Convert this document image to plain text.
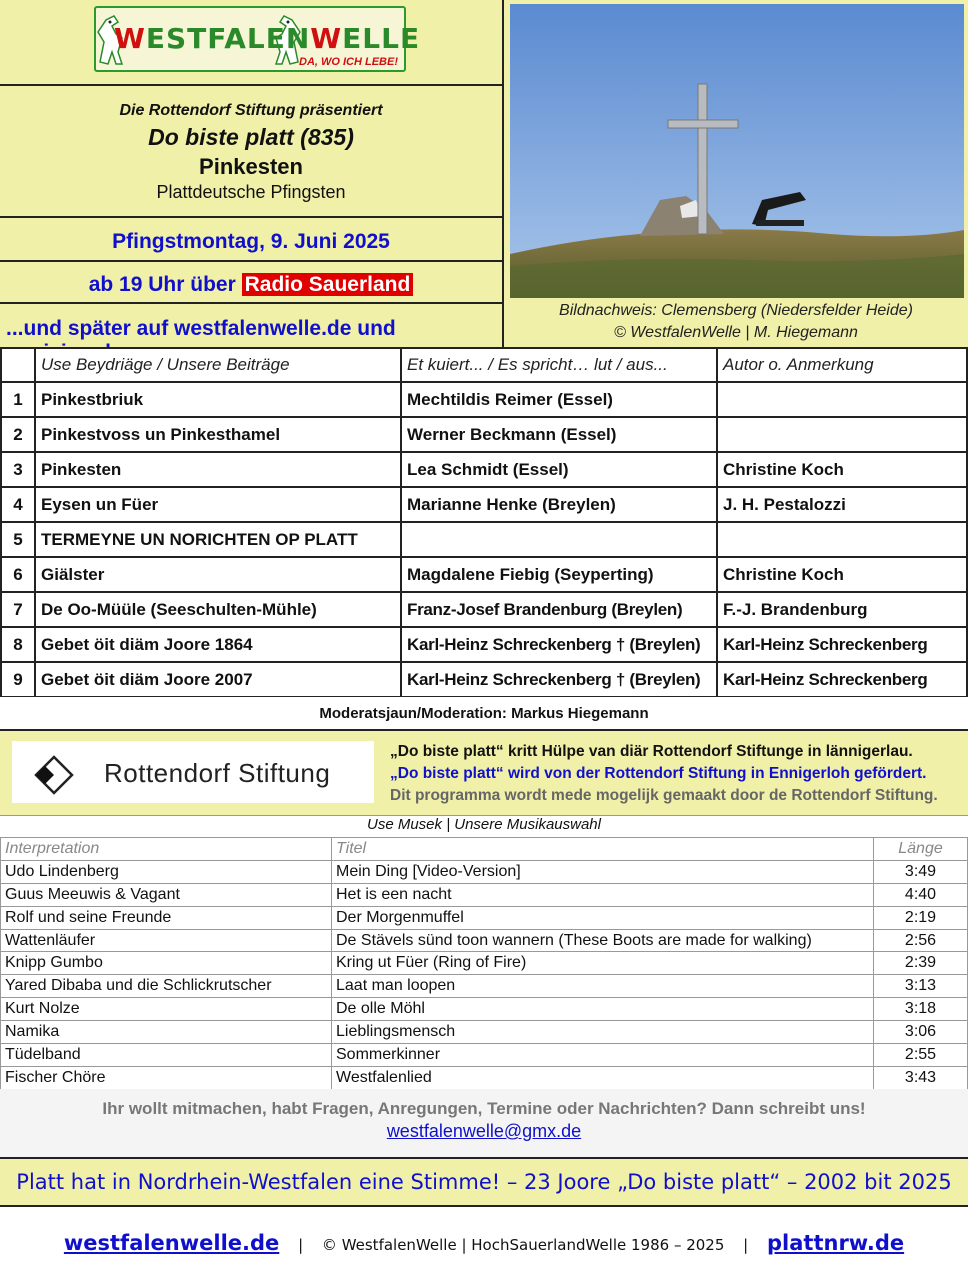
WESTFALENWELLE
DA, WO ICH LEBE!
Die Rottendorf Stiftung präsentiert
Do biste platt (835)
Pinkesten
Plattdeutsche Pfingsten
Pfingstmontag, 9. Juni 2025
ab 19 Uhr über Radio Sauerland
...und später auf westfalenwelle.de und
Bildnachweis: Clemensberg (Niedersfelder Heide)
© WestfalenWelle | M. Hiegemann
	Use Beydriäge / Unsere Beiträge	Et kuiert... / Es spricht… lut / aus...	Autor o. Anmerkung
1	Pinkestbriuk	Mechtildis Reimer (Essel)	
2	Pinkestvoss un Pinkesthamel	Werner Beckmann (Essel)	
3	Pinkesten	Lea Schmidt (Essel)	Christine Koch
4	Eysen un Füer	Marianne Henke (Breylen)	J. H. Pestalozzi
5	TERMEYNE UN NORICHTEN OP PLATT		
6	Giälster	Magdalene Fiebig (Seyperting)	Christine Koch
7	De Oo-Müüle (Seeschulten-Mühle)	Franz-Josef Brandenburg (Breylen)	F.-J. Brandenburg
8	Gebet öit diäm Joore 1864	Karl-Heinz Schreckenberg † (Breylen)	Karl-Heinz Schreckenberg
9	Gebet öit diäm Joore 2007	Karl-Heinz Schreckenberg † (Breylen)	Karl-Heinz Schreckenberg
Moderatsjaun/Moderation: Markus Hiegemann
Rottendorf Stiftung
„Do biste platt“ kritt Hülpe van diär Rottendorf Stiftunge in lännigerlau.
„Do biste platt“ wird von der Rottendorf Stiftung in Ennigerloh gefördert.
Dit programma wordt mede mogelijk gemaakt door de Rottendorf Stiftung.
Use Musek | Unsere Musikauswahl
Interpretation	Titel	Länge
Udo Lindenberg	Mein Ding [Video-Version]	3:49
Guus Meeuwis & Vagant	Het is een nacht	4:40
Rolf und seine Freunde	Der Morgenmuffel	2:19
Wattenläufer	De Stävels sünd toon wannern (These Boots are made for walking)	2:56
Knipp Gumbo	Kring ut Füer (Ring of Fire)	2:39
Yared Dibaba und die Schlickrutscher	Laat man loopen	3:13
Kurt Nolze	De olle Möhl	3:18
Namika	Lieblingsmensch	3:06
Tüdelband	Sommerkinner	2:55
Fischer Chöre	Westfalenlied	3:43
Ihr wollt mitmachen, habt Fragen, Anregungen, Termine oder Nachrichten? Dann schreibt uns!
westfalenwelle@gmx.de
Platt hat in Nordrhein-Westfalen eine Stimme! – 23 Joore „Do biste platt“ – 2002 bit 2025
westfalenwelle.de | © WestfalenWelle | HochSauerlandWelle 1986 – 2025 | plattnrw.de
